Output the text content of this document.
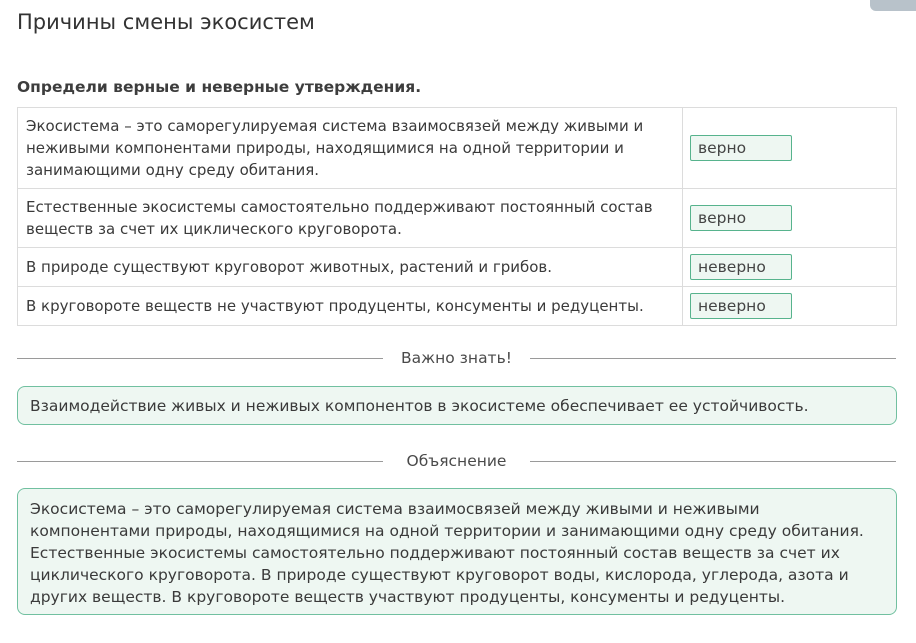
Причины смены экосистем

Определи верные и неверные утверждения.

Экосистема – это саморегулируемая система взаимосвязей между живыми и неживыми компонентами природы, находящимися на одной территории и занимающими одну среду обитания.	верно
Естественные экосистемы самостоятельно поддерживают постоянный состав веществ за счет их циклического круговорота.	верно
В природе существуют круговорот животных, растений и грибов.	неверно
В круговороте веществ не участвуют продуценты, консументы и редуценты.	неверно
Важно знать!
Взаимодействие живых и неживых компонентов в экосистеме обеспечивает ее устойчивость.
Объяснение
Экосистема – это саморегулируемая система взаимосвязей между живыми и неживыми компонентами природы, находящимися на одной территории и занимающими одну среду обитания. Естественные экосистемы самостоятельно поддерживают постоянный состав веществ за счет их циклического круговорота. В природе существуют круговорот воды, кислорода, углерода, азота и других веществ. В круговороте веществ участвуют продуценты, консументы и редуценты.
